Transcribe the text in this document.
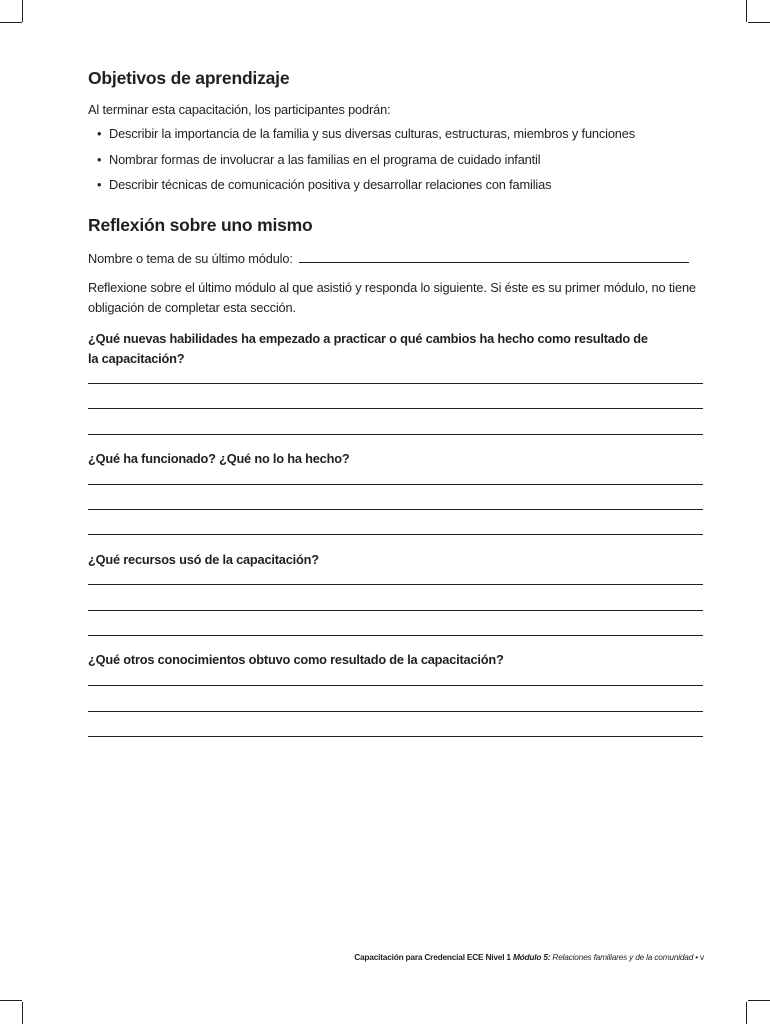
Objetivos de aprendizaje
Al terminar esta capacitación, los participantes podrán:
• Describir la importancia de la familia y sus diversas culturas, estructuras, miembros y funciones
• Nombrar formas de involucrar a las familias en el programa de cuidado infantil
• Describir técnicas de comunicación positiva y desarrollar relaciones con familias
Reflexión sobre uno mismo
Nombre o tema de su último módulo:
Reflexione sobre el último módulo al que asistió y responda lo siguiente. Si éste es su primer módulo, no tiene obligación de completar esta sección.
¿Qué nuevas habilidades ha empezado a practicar o qué cambios ha hecho como resultado de la capacitación?
¿Qué ha funcionado? ¿Qué no lo ha hecho?
¿Qué recursos usó de la capacitación?
¿Qué otros conocimientos obtuvo como resultado de la capacitación?
Capacitación para Credencial ECE Nivel 1 Módulo 5: Relaciones familiares y de la comunidad • v
